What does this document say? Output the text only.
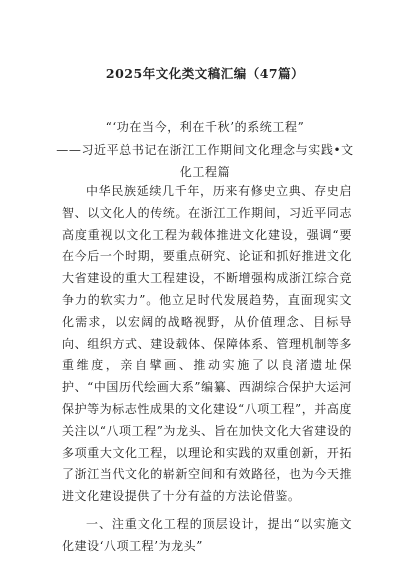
2025年文化类文稿汇编（47篇）
“‘功在当今，利在千秋’的系统工程”
——习近平总书记在浙江工作期间文化理念与实践•文化工程篇

中华民族延续几千年，历来有修史立典、存史启智、以文化人的传统。在浙江工作期间，习近平同志高度重视以文化工程为载体推进文化建设，强调“要在今后一个时期，要重点研究、论证和抓好推进文化大省建设的重大工程建设，不断增强构成浙江综合竞争力的软实力”。他立足时代发展趋势，直面现实文化需求，以宏阔的战略视野，从价值理念、目标导向、组织方式、建设载体、保障体系、管理机制等多重维度，亲自擘画、推动实施了以良渚遗址保护、“中国历代绘画大系”编纂、西湖综合保护大运河保护等为标志性成果的文化建设“八项工程”，并高度关注以“八项工程”为龙头、旨在加快文化大省建设的多项重大文化工程，以理论和实践的双重创新，开拓了浙江当代文化的崭新空间和有效路径，也为今天推进文化建设提供了十分有益的方法论借鉴。

一、注重文化工程的顶层设计，提出“以实施文化建设‘八项工程’为龙头”
